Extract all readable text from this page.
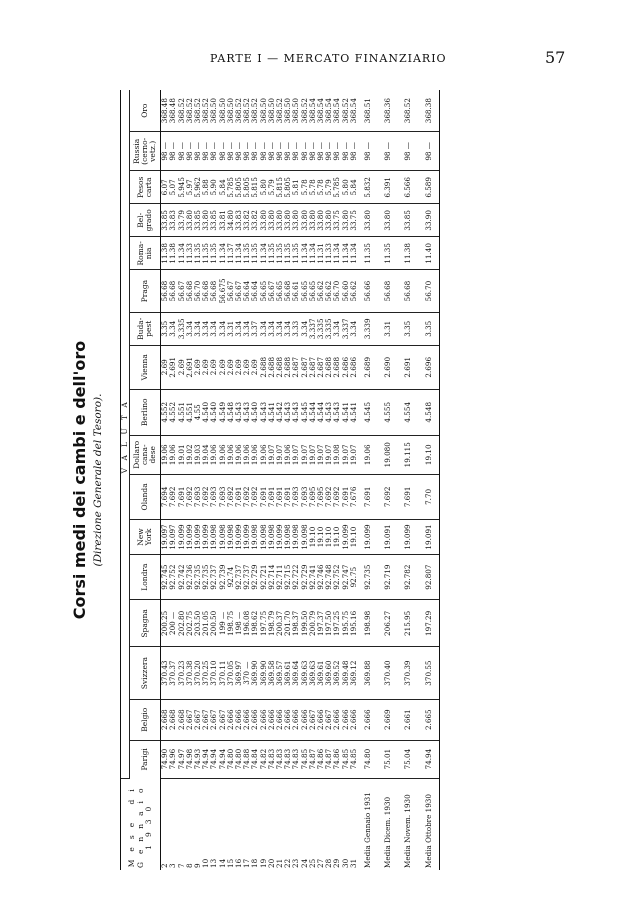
PARTE I — MERCATO FINANZIARIO	57
Corsi medi dei cambi e dell'oro (Direzione Generale del Tesoro).
Mese di Gennaio 1930	VALUTA																
	Parigi	Belgio	Svizzera	Spagna	Londra	New York	Olanda	Dollaro cana-dese	Berlino	Vienna	Buda-pest	Praga	Roma-nia	Bel-grado	Pesos carta	Russia (cerno-vetz.)	Oro
2	74.90	2.668	370.43	200.25	92.745	19.097	7.694	19.06	4.552	2.69	3.35	56.68	11.38	33.85	6.07	98 —	368.48
3	74.96	2.668	370.37	200 —	92.752	19.097	7.692	19.06	4.552	2.691	3.34	56.68	11.38	33.83	5.07	98 —	368.48
7	74.97	2.668	370.23	202.80	92.742	19.099	7.691	19.01	4.551	2.69	3.335	56.67	11.34	33.79	5.945	98 —	368.52
8	74.98	2.667	370.38	202.75	92.736	19.099	7.692	19.02	4.551	2.691	3.34	56.68	11.33	33.80	5.97	98 —	368.52
9	74.93	2.667	370.20	203.50	92.735	19.099	7.693	19.03	4.55	2.69	3.34	56.70	11.35	33.85	5.962	98 —	368.52
10	74.94	2.667	370.25	201.05	92.735	19.099	7.692	19.04	4.540	2.69	3.34	56.68	11.35	33.80	5.88	98 —	368.52
13	74.94	2.667	370.10	200.50	92.737	19.098	7.693	19.06	4.540	2.69	3.34	56.68	11.35	33.85	5.90	98 —	368.50
14	74.94	2.667	370.11	199 —	92.739	19.098	7.693	19.06	4.549	2.69	3.34	56.675	11.34	33.81	5.84	98 —	368.50
15	74.80	2.666	370.05	198.75	92.74	19.098	7.692	19.06	4.548	2.69	3.31	56.67	11.37	34.80	5.785	98 —	368.50
16	74.80	2.666	369.97	198 —	92.737	19.099	7.691	19.06	4.543	2.69	3.34	56.67	11.34	33.83	5.805	98 —	368.52
17	74.88	2.666	370 —	196.08	92.737	19.099	7.692	19.06	4.543	2.69	3.34	56.64	11.35	33.82	5.805	98 —	368.52
18	74.84	2.666	369.90	198.62	92.729	19.098	7.692	19.06	4.540	2.69	3.37	56.64	11.35	33.82	5.815	98 —	368.52
19	74.82	2.666	369.90	197.75	92.721	19.098	7.691	19.06	4.543	2.688	3.34	56.65	11.34	33.80	5.80	98 —	368.50
20	74.83	2.666	369.58	198.79	92.714	19.098	7.691	19.07	4.541	2.688	3.34	56.67	11.35	33.80	5.79	98 —	368.50
21	74.83	2.666	369.57	200.37	92.711	19.099	7.691	19.07	4.542	2.688	3.34	56.65	11.35	33.80	5.815	98 —	368.52
22	74.83	2.666	369.61	201.70	92.715	19.098	7.691	19.06	4.543	2.688	3.34	56.68	11.35	33.80	5.805	98 —	368.50
23	74.83	2.666	369.64	198.37	92.722	19.098	7.693	19.07	4.543	2.687	3.33	56.61	11.35	33.80	5.81	98 —	368.50
24	74.85	2.666	369.63	199.50	92.729	19.098	7.693	19.07	4.545	2.687	3.34	56.65	11.34	33.80	5.78	98 —	368.52
25	74.87	2.667	369.63	200.79	92.741	19.10	7.695	19.07	4.544	2.687	3.337	56.65	11.34	33.80	5.78	98 —	368.54
27	74.86	2.666	369.61	197.37	92.746	19.10	7.695	19.07	4.544	2.687	3.335	56.62	11.31	33.80	5.78	98 —	368.54
28	74.87	2.667	369.60	197.50	92.748	19.10	7.692	19.07	4.543	2.688	3.335	56.62	11.33	33.80	5.79	98 —	368.54
29	74.86	2.666	369.52	197.25	92.752	19.10	7.692	19.08	4.543	2.688	3.34	56.70	11.34	33.75	5.785	98 —	368.54
30	74.85	2.666	369.48	195.75	92.747	19.099	7.691	19.07	4.541	2.686	3.337	56.60	11.34	33.80	5.80	98 —	368.52
31	74.85	2.666	369.12	195.16	92.75	19.10	7.676	19.07	4.541	2.686	3.34	56.62	11.34	33.75	5.84	98 —	368.54
Media Gennaio 1931	74.80	2.666	369.88	198.98	92.735	19.099	7.691	19.06	4.545	2.689	3.339	56.66	11.35	33.80	5.832	98 —	368.51
Media Dicem. 1930	75.01	2.669	370.40	206.27	92.719	19.091	7.692	19.080	4.555	2.690	3.31	56.68	11.35	33.80	6.391	98 —	368.36
Media Novem. 1930	75.04	2.661	370.39	215.95	92.782	19.099	7.691	19.115	4.554	2.691	3.35	56.68	11.38	33.85	6.566	98 —	368.52
Media Ottobre 1930	74.94	2.665	370.55	197.29	92.807	19.091	7.70	19.10	4.548	2.696	3.35	56.70	11.40	33.90	6.589	98 —	368.38
